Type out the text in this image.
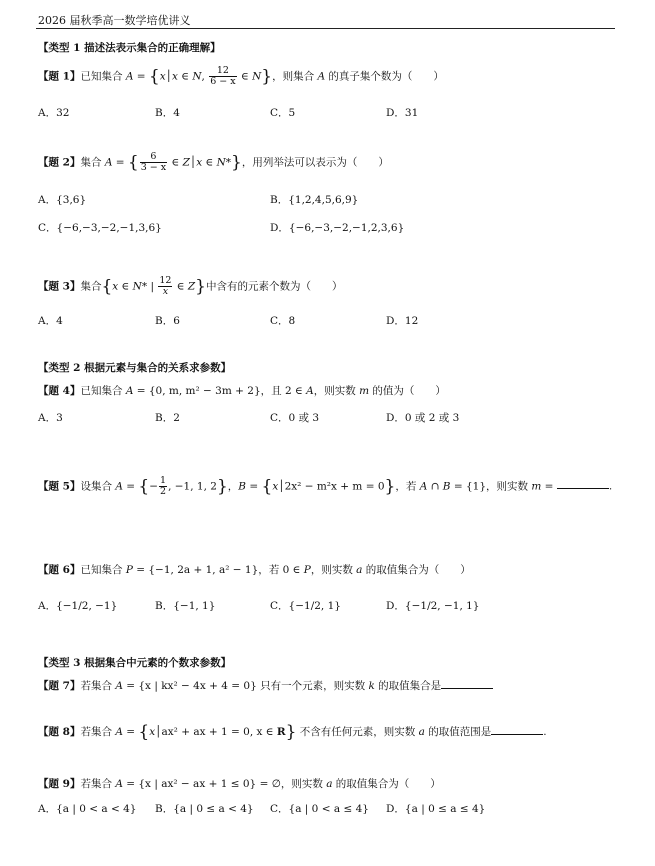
2026 届秋季高一数学培优讲义
【类型 1 描述法表示集合的正确理解】
【题 1】已知集合 A = {x│x ∈ N, $\frac{12}{6 - x}$ ∈ N}，则集合 A 的真子集个数为（　　）
A．32	B．4	C．5	D．31
【题 2】集合 A = { $\frac{6}{3 - x}$ ∈ Z│x ∈ N*}，用列举法可以表示为（　　）
A．{3,6}	B．{1,2,4,5,6,9}
C．{−6,−3,−2,−1,3,6}	D．{−6,−3,−2,−1,2,3,6}
【题 3】集合{x ∈ N* | $\frac{12}{x}$ ∈ Z}中含有的元素个数为（　　）
A．4	B．6	C．8	D．12
【类型 2 根据元素与集合的关系求参数】
【题 4】已知集合 A = {0, m, m² − 3m + 2}，且 2 ∈ A，则实数 m 的值为（　　）
A．3	B．2	C．0 或 3	D．0 或 2 或 3
【题 5】设集合 A = {− $\frac{1}{2}$ , −1, 1, 2}，B = {x│2x² − m²x + m = 0}，若 A ∩ B = {1}，则实数 m =	.
【题 6】已知集合 P = {−1, 2a + 1, a² − 1}，若 0 ∈ P，则实数 a 的取值集合为（　　）
A．{−1/2, −1}	B．{−1, 1}	C．{−1/2, 1}	D．{−1/2, −1, 1}
【类型 3 根据集合中元素的个数求参数】
【题 7】若集合 A = {x | kx² − 4x + 4 = 0} 只有一个元素，则实数 k 的取值集合是
【题 8】若集合 A = {x│ax² + ax + 1 = 0, x ∈ R} 不含有任何元素，则实数 a 的取值范围是	.
【题 9】若集合 A = {x | ax² − ax + 1 ≤ 0} = ∅，则实数 a 的取值集合为（　　）
A．{a | 0 < a < 4} B．{a | 0 ≤ a < 4} C．{a | 0 < a ≤ 4} D．{a | 0 ≤ a ≤ 4}
